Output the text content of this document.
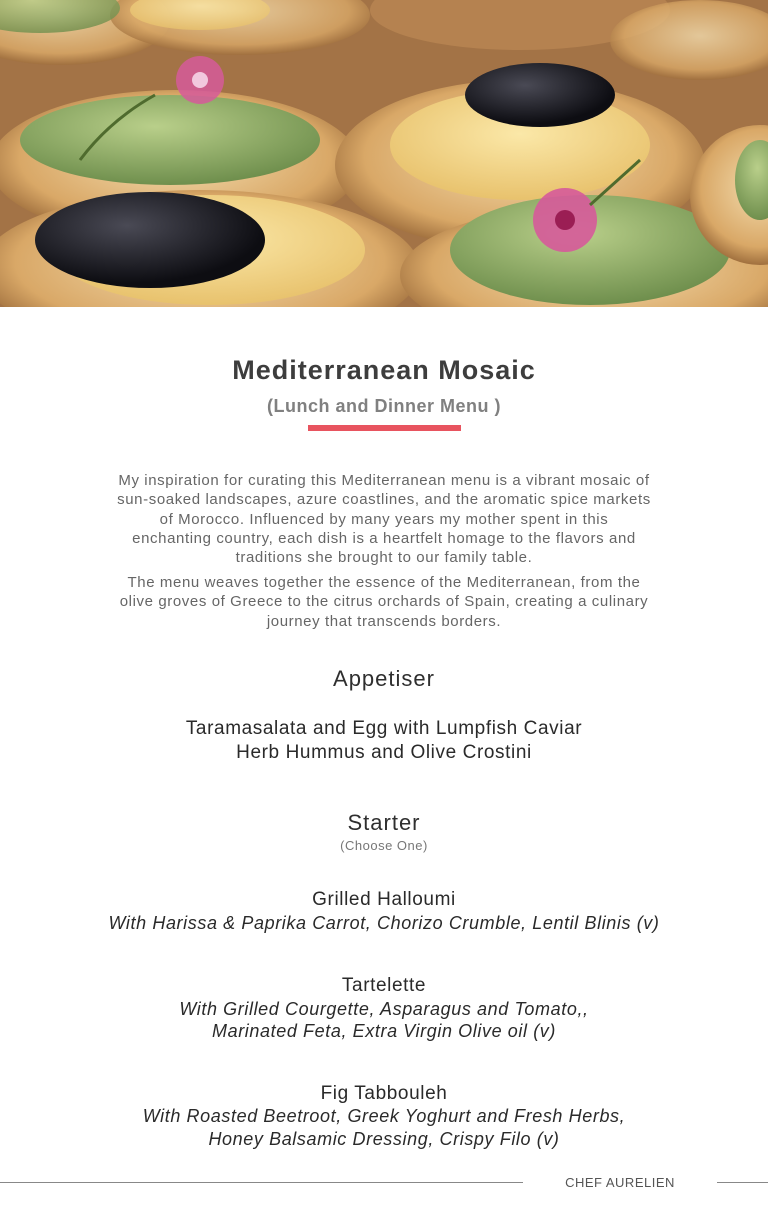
Mediterranean Mosaic
(Lunch and Dinner Menu )

My inspiration for curating this Mediterranean menu is a vibrant mosaic of
sun-soaked landscapes, azure coastlines, and the aromatic spice markets
of Morocco. Influenced by many years my mother spent in this
enchanting country, each dish is a heartfelt homage to the flavors and
traditions she brought to our family table.

The menu weaves together the essence of the Mediterranean, from the
olive groves of Greece to the citrus orchards of Spain, creating a culinary
journey that transcends borders.

Appetiser
Taramasalata and Egg with Lumpfish Caviar
Herb Hummus and Olive Crostini
Starter
(Choose One)
Grilled Halloumi
With Harissa & Paprika Carrot, Chorizo Crumble, Lentil Blinis (v)
Tartelette
With Grilled Courgette, Asparagus and Tomato,,
Marinated Feta, Extra Virgin Olive oil (v)
Fig Tabbouleh
With Roasted Beetroot, Greek Yoghurt and Fresh Herbs,
Honey Balsamic Dressing, Crispy Filo (v)
CHEF AURELIEN
